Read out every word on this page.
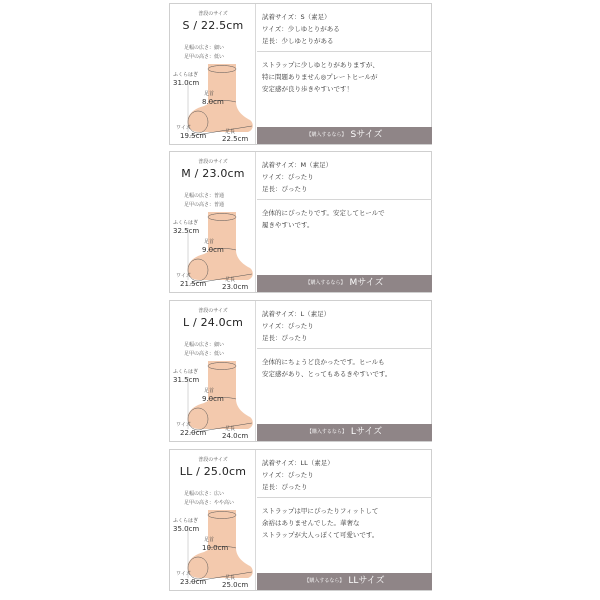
普段のサイズ
S / 22.5cm
足幅の広さ：細い
足甲の高さ：低い
ふくらはぎ
31.0cm
足首
8.0cm
ワイズ
19.5cm	足長
22.5cm
試着サイズ：S（素足）
ワイズ：少しゆとりがある
足長：少しゆとりがある
ストラップに少しゆとりがありますが、
特に問題ありません◎プレートヒールが
安定感が良り歩きやすいです！
【購入するなら】 Sサイズ
普段のサイズ
M / 23.0cm
足幅の広さ：普通
足甲の高さ：普通
ふくらはぎ
32.5cm
足首
9.0cm
ワイズ
21.5cm	足長
23.0cm
試着サイズ：M（素足）
ワイズ：ぴったり
足長：ぴったり
全体的にぴったりです。安定してヒールで
履きやすいです。
【購入するなら】 Mサイズ
普段のサイズ
L / 24.0cm
足幅の広さ：細い
足甲の高さ：低い
ふくらはぎ
31.5cm
足首
9.0cm
ワイズ
22.0cm	足長
24.0cm
試着サイズ：L（素足）
ワイズ：ぴったり
足長：ぴったり
全体的にちょうど良かったです。ヒールも
安定感があり、とってもあるきやすいです。
【購入するなら】 Lサイズ
普段のサイズ
LL / 25.0cm
足幅の広さ：広い
足甲の高さ：やや高い
ふくらはぎ
35.0cm
足首
10.0cm
ワイズ
23.0cm	足長
25.0cm
試着サイズ：LL（素足）
ワイズ：ぴったり
足長：ぴったり
ストラップは甲にぴったりフィットして
余裕はありませんでした。華奢な
ストラップが大人っぽくて可愛いです。
【購入するなら】 LLサイズ
